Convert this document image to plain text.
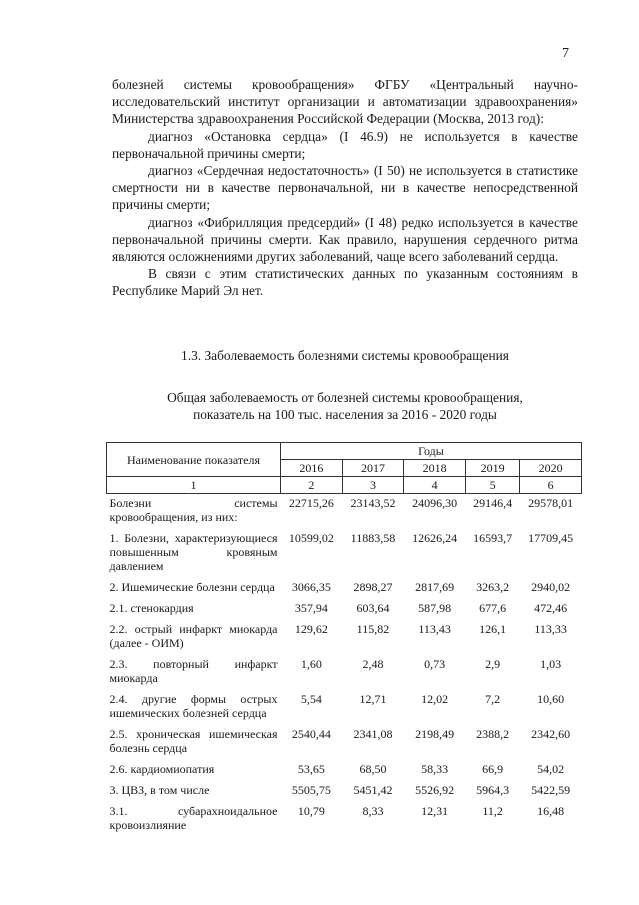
7

болезней системы кровообращения» ФГБУ «Центральный научно-исследовательский институт организации и автоматизации здравоохранения» Министерства здравоохранения Российской Федерации (Москва, 2013 год):

диагноз «Остановка сердца» (I 46.9) не используется в качестве первоначальной причины смерти;

диагноз «Сердечная недостаточность» (I 50) не используется в статистике смертности ни в качестве первоначальной, ни в качестве непосредственной причины смерти;

диагноз «Фибрилляция предсердий» (I 48) редко используется в качестве первоначальной причины смерти. Как правило, нарушения сердечного ритма являются осложнениями других заболеваний, чаще всего заболеваний сердца.

В связи с этим статистических данных по указанным состояниям в Республике Марий Эл нет.

1.3. Заболеваемость болезнями системы кровообращения
Общая заболеваемость от болезней системы кровообращения,
показатель на 100 тыс. населения за 2016 - 2020 годы
Наименование показателя	Годы				
	2016	2017	2018	2019	2020
1	2	3	4	5	6
Болезни системы кровообращения, из них:	22715,26	23143,52	24096,30	29146,4	29578,01
1. Болезни, характеризующиеся повышенным кровяным давлением	10599,02	11883,58	12626,24	16593,7	17709,45
2. Ишемические болезни сердца	3066,35	2898,27	2817,69	3263,2	2940,02
2.1. стенокардия	357,94	603,64	587,98	677,6	472,46
2.2. острый инфаркт миокарда (далее - ОИМ)	129,62	115,82	113,43	126,1	113,33
2.3. повторный инфаркт миокарда	1,60	2,48	0,73	2,9	1,03
2.4. другие формы острых ишемических болезней сердца	5,54	12,71	12,02	7,2	10,60
2.5. хроническая ишемическая болезнь сердца	2540,44	2341,08	2198,49	2388,2	2342,60
2.6. кардиомиопатия	53,65	68,50	58,33	66,9	54,02
3. ЦВЗ, в том числе	5505,75	5451,42	5526,92	5964,3	5422,59
3.1. субарахноидальное кровоизлияние	10,79	8,33	12,31	11,2	16,48
